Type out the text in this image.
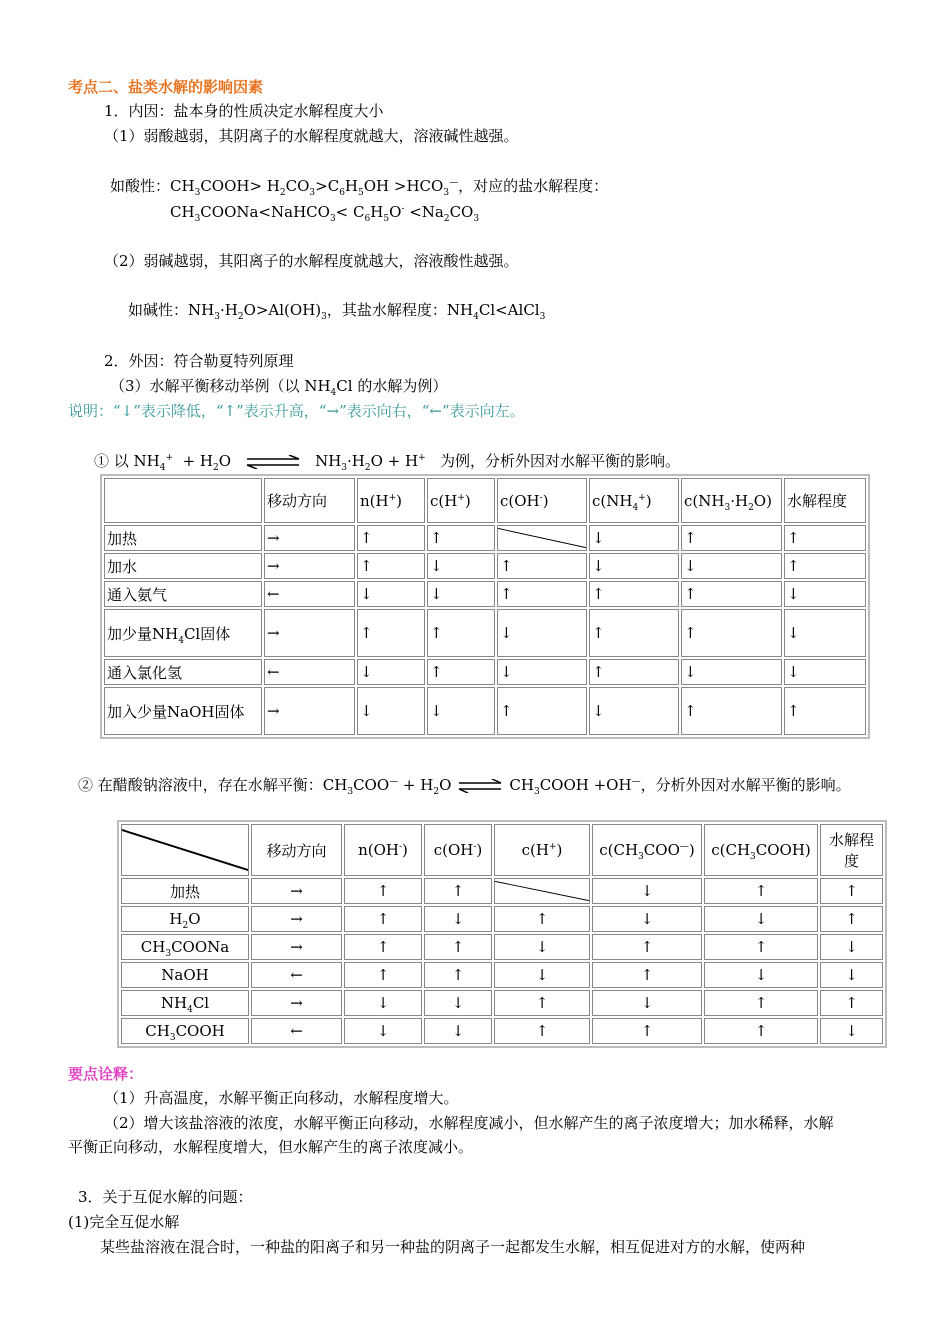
考点二、盐类水解的影响因素
1．内因：盐本身的性质决定水解程度大小
（1）弱酸越弱，其阴离子的水解程度就越大，溶液碱性越强。
如酸性：$CH_3COOH> H_2CO_3>C_6H_5OH >HCO_3^—$，对应的盐水解程度：
$CH_3COONa<NaHCO_3< C_6H_5O^- <Na_2CO_3$
（2）弱碱越弱，其阳离子的水解程度就越大，溶液酸性越强。
如碱性：$NH_3\cdot H_2O>Al(OH)_3$，其盐水解程度：$NH_4Cl<AlCl_3$
2．外因：符合勒夏特列原理
（3）水解平衡移动举例（以 $NH_4Cl$ 的水解为例）
说明：“↓”表示降低，“↑”表示升高，“→”表示向右，“←”表示向左。
① 以 $NH_4^+ + H_2O$ ⇌ $NH_3\cdot H_2O + H^+$ 为例，分析外因对水解平衡的影响。
	移动方向	n(H+)	c(H+)	c(OH-)	$c(NH_4^+)$	$c(NH_3\cdot H_2O)$	水解程度
加热	→	↑	↑		↓	↑	↑
加水	→	↑	↓	↑	↓	↓	↑
通入氨气	←	↓	↓	↑	↑	↑	↓
加少量$NH_4Cl$固体	→	↑	↑	↓	↑	↑	↓
通入氯化氢	←	↓	↑	↓	↑	↓	↓
加入少量NaOH固体	→	↓	↓	↑	↓	↑	↑
② 在醋酸钠溶液中，存在水解平衡：$CH_3COO^— + H_2O$ ⇌ $CH_3COOH +OH^—$，分析外因对水解平衡的影响。
	移动方向	n(OH-)	c(OH-)	c(H+)	$c(CH_3COO^—)$	$c(CH_3COOH)$	水解程度
加热	→	↑	↑		↓	↑	↑
$H_2O$	→	↑	↓	↑	↓	↓	↑
$CH_3COONa$	→	↑	↑	↓	↑	↑	↓
NaOH	←	↑	↑	↓	↑	↓	↓
$NH_4Cl$	→	↓	↓	↑	↓	↑	↑
$CH_3COOH$	←	↓	↓	↑	↑	↑	↓
要点诠释：
（1）升高温度，水解平衡正向移动，水解程度增大。
（2）增大该盐溶液的浓度，水解平衡正向移动，水解程度减小，但水解产生的离子浓度增大；加水稀释，水解
平衡正向移动，水解程度增大，但水解产生的离子浓度减小。
3．关于互促水解的问题：
(1)完全互促水解
某些盐溶液在混合时，一种盐的阳离子和另一种盐的阴离子一起都发生水解，相互促进对方的水解，使两种
